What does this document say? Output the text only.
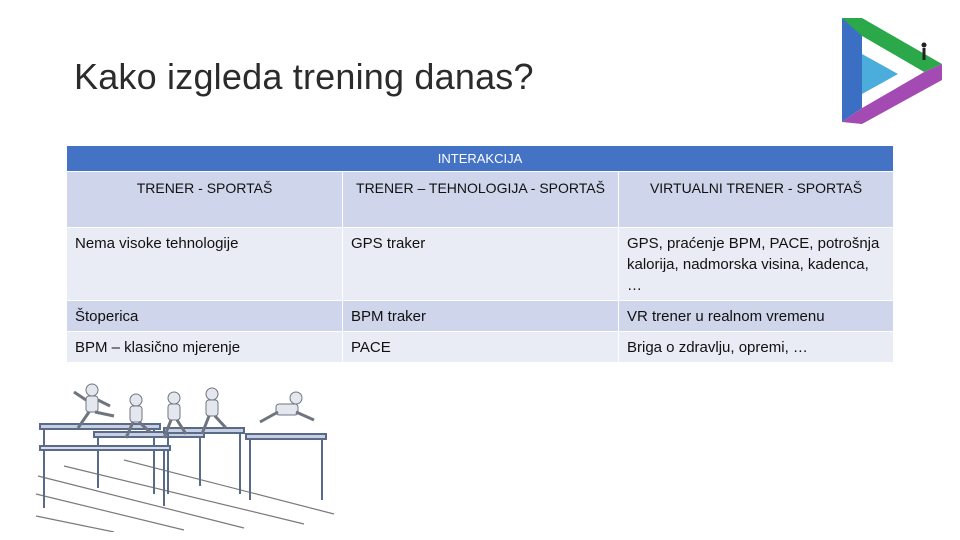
Kako izgleda trening danas?
INTERAKCIJA		
TRENER - SPORTAŠ	TRENER – TEHNOLOGIJA - SPORTAŠ	VIRTUALNI TRENER - SPORTAŠ
Nema visoke tehnologije	GPS traker	GPS, praćenje BPM, PACE, potrošnja kalorija, nadmorska visina, kadenca, …
Štoperica	BPM traker	VR trener u realnom vremenu
BPM – klasično mjerenje	PACE	Briga o zdravlju, opremi, …
